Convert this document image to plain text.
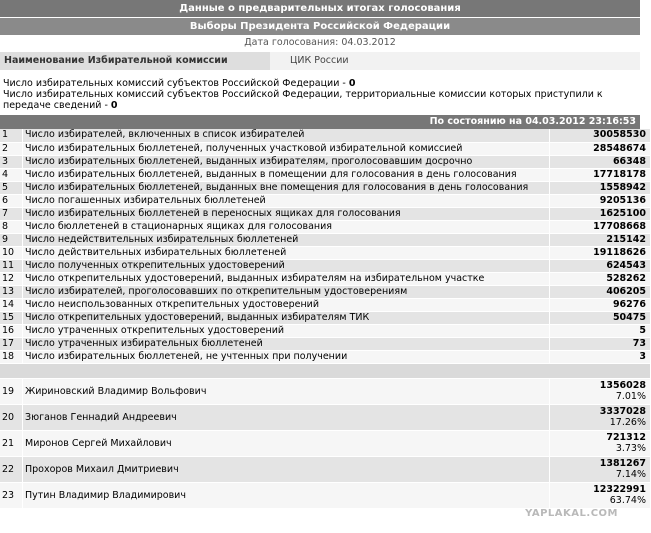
Данные о предварительных итогах голосования
Выборы Президента Российской Федерации
Дата голосования: 04.03.2012
Наименование Избирательной комиссии	ЦИК России

Число избирательных комиссий субъектов Российской Федерации - 0

Число избирательных комиссий субъектов Российской Федерации, территориальные комиссии которых приступили к передаче сведений - 0

По состоянию на 04.03.2012 23:16:53
1	Число избирателей, включенных в список избирателей	30058530
2	Число избирательных бюллетеней, полученных участковой избирательной комиссией	28548674
3	Число избирательных бюллетеней, выданных избирателям, проголосовавшим досрочно	66348
4	Число избирательных бюллетеней, выданных в помещении для голосования в день голосования	17718178
5	Число избирательных бюллетеней, выданных вне помещения для голосования в день голосования	1558942
6	Число погашенных избирательных бюллетеней	9205136
7	Число избирательных бюллетеней в переносных ящиках для голосования	1625100
8	Число бюллетеней в стационарных ящиках для голосования	17708668
9	Число недействительных избирательных бюллетеней	215142
10	Число действительных избирательных бюллетеней	19118626
11	Число полученных открепительных удостоверений	624543
12	Число открепительных удостоверений, выданных избирателям на избирательном участке	528262
13	Число избирателей, проголосовавших по открепительным удостоверениям	406205
14	Число неиспользованных открепительных удостоверений	96276
15	Число открепительных удостоверений, выданных избирателям ТИК	50475
16	Число утраченных открепительных удостоверений	5
17	Число утраченных избирательных бюллетеней	73
18	Число избирательных бюллетеней, не учтенных при получении	3

19	Жириновский Владимир Вольфович	1356028
7.01%

20	Зюганов Геннадий Андреевич	3337028
17.26%

21	Миронов Сергей Михайлович	721312
3.73%

22	Прохоров Михаил Дмитриевич	1381267
7.14%

23	Путин Владимир Владимирович	12322991
63.74%
YAPLAKAL.COM
